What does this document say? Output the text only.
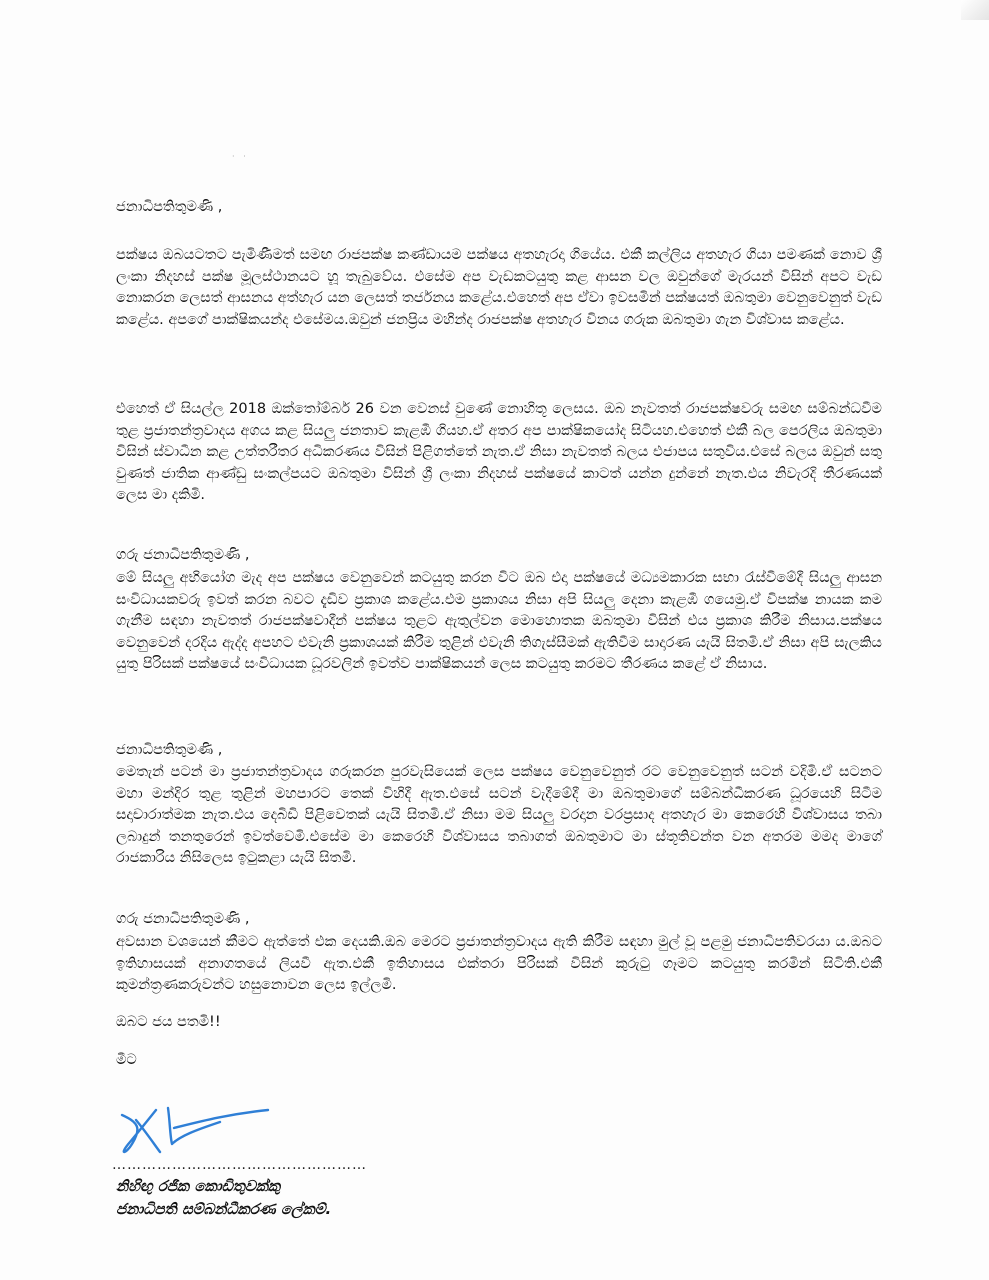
· ·

ජනාධිපතිතුමණි ,

පක්ෂය ඔබයටතට පැමිණීමත් සමඟ රාජපක්ෂ කණ්ඩායම පක්ෂය අතහැරදා ගියේය. එකී කල්ලිය අතහැර ගියා පමණක් නොව ශ්‍රී ලංකා නිදහස් පක්ෂ මූලස්ථානයට හූ තැබුවේය. එසේම අප වැඩකටයුතු කළ ආසන වල ඔවුන්ගේ මැරයන් විසින් අපට වැඩ නොකරන ලෙසත් ආසනය අත්හැර යන ලෙසත් තර්ජනය කළේය.එහෙත් අප ඒවා ඉවසමින් පක්ෂයත් ඔබතුමා වෙනුවෙනුත් වැඩ කළේය. අපගේ පාක්ෂිකයන්ද එසේමය.ඔවුන් ජනප්‍රිය මහින්ද රාජපක්ෂ අතහැර විනය ගරුක ඔබතුමා ගැන විශ්වාස කළේය.

එහෙත් ඒ සියල්ල 2018 ඔක්තෝම්බර් 26 වන වෙනස් වුණේ නොහිතූ ලෙසය. ඔබ නැවතත් රාජපක්ෂවරු සමඟ සම්බන්ධවීම තුළ ප්‍රජාතන්ත්‍රවාදය අගය කළ සියලු ජනතාව කැළඹී ගියහ.ඒ අතර අප පාක්ෂිකයෝද සිටියහ.එහෙත් එකී බල පෙරලිය ඔබතුමා විසින් ස්වාධීන කළ උත්තරීතර අධිකරණය විසින් පිළිගත්තේ නැත.ඒ නිසා නැවතත් බලය එජාපය සතුවිය.එසේ බලය ඔවුන් සතු වුණත් ජාතික ආණ්ඩු සංකල්පයට ඔබතුමා විසින් ශ්‍රී ලංකා නිදහස් පක්ෂයේ කාටත් යන්න දුන්නේ නැත.එය නිවැරදි තීරණයක් ලෙස මා දකිමි.

ගරු ජනාධිපතිතුමණි ,

මේ සියලු අභියෝග මැද අප පක්ෂය වෙනුවෙන් කටයුතු කරන විට ඔබ එදා පක්ෂයේ මධ්‍යමකාරක සභා රැස්වීමේදී සියලු ආසන සංවිධායකවරු ඉවත් කරන බවට දැඩිව ප්‍රකාශ කළේය.එම ප්‍රකාශය නිසා අපි සියලු දෙනා කැළඹී ගයෙමු.ඒ විපක්ෂ නායක කම ගැනීම සඳහා නැවතත් රාජපක්ෂවාදීන් පක්ෂය තුළට ඇතුල්වන මොහොතක ඔබතුමා විසින් එය ප්‍රකාශ කිරීම නිසාය.පක්ෂය වෙනුවෙන් දරදිය ඇද්ද අපහට එවැනි ප්‍රකාශයක් කිරීම තුළින් එවැනි තිගැස්සීමක් ඇතිවීම සාදාරණ යැයි සිතමි.ඒ නිසා අපි සැලකිය යුතු පිරිසක් පක්ෂයේ සංවිධායක ධූරවලින් ඉවත්ව පාක්ෂිකයන් ලෙස කටයුතු කරමට තීරණය කළේ ඒ නිසාය.

ජනාධිපතිතුමණි ,

මෙතැන් පටන් මා ප්‍රජාතන්ත්‍රවාදය ගරුකරන පුරවැසියෙක් ලෙස පක්ෂය වෙනුවෙනුත් රට වෙනුවෙනුත් සටන් වදිමි.ඒ සටනට මහා මන්දිර තුළ තුළින් මහපාරට තෙක් විහිදී ඇත.එසේ සටන් වැදීමේදී මා ඔබතුමාගේ සම්බන්ධීකරණ ධූරයෙහි සිටීම සදාචාරාත්මක නැත.එය දෙබිඩි පිළිවෙතක් යැයි සිතමි.ඒ නිසා මම සියලු වරදාන වරප්‍රසාද අතහැර මා කෙරෙහි විශ්වාසය තබා ලබාදුන් තනතුරෙන් ඉවත්වෙමි.එසේම මා කෙරෙහි විශ්වාසය තබාගත් ඔබතුමාට මා ස්තූතිවන්ත වන අතරම මමද මාගේ රාජකාරිය නිසිලෙස ඉටුකළා යැයි සිතමි.

ගරු ජනාධිපතිතුමණි ,

අවසාන වශයෙන් කීමට ඇත්තේ එක දෙයකි.ඔබ මෙරට ප්‍රජාතන්ත්‍රවාදය ඇති කිරීම සඳහා මුල් වූ පළමු ජනාධිපතිවරයා ය.ඔබට ඉතිහාසයක් අනාගතයේ ලියවී ඇත.එකී ඉතිහාසය එක්තරා පිරිසක් විසින් කුරුටු ගෑමට කටයුතු කරමින් සිටිති.එකී කුමන්ත්‍රණකරුවන්ට හසුනොවන ලෙස ඉල්ලමි.

ඔබට ජය පතමි!!

මීට

……………………………………………
නිහිඟු රජික කොඩිතුවක්කු
ජනාධිපති සම්බන්ධීකරණ ලේකම්.
